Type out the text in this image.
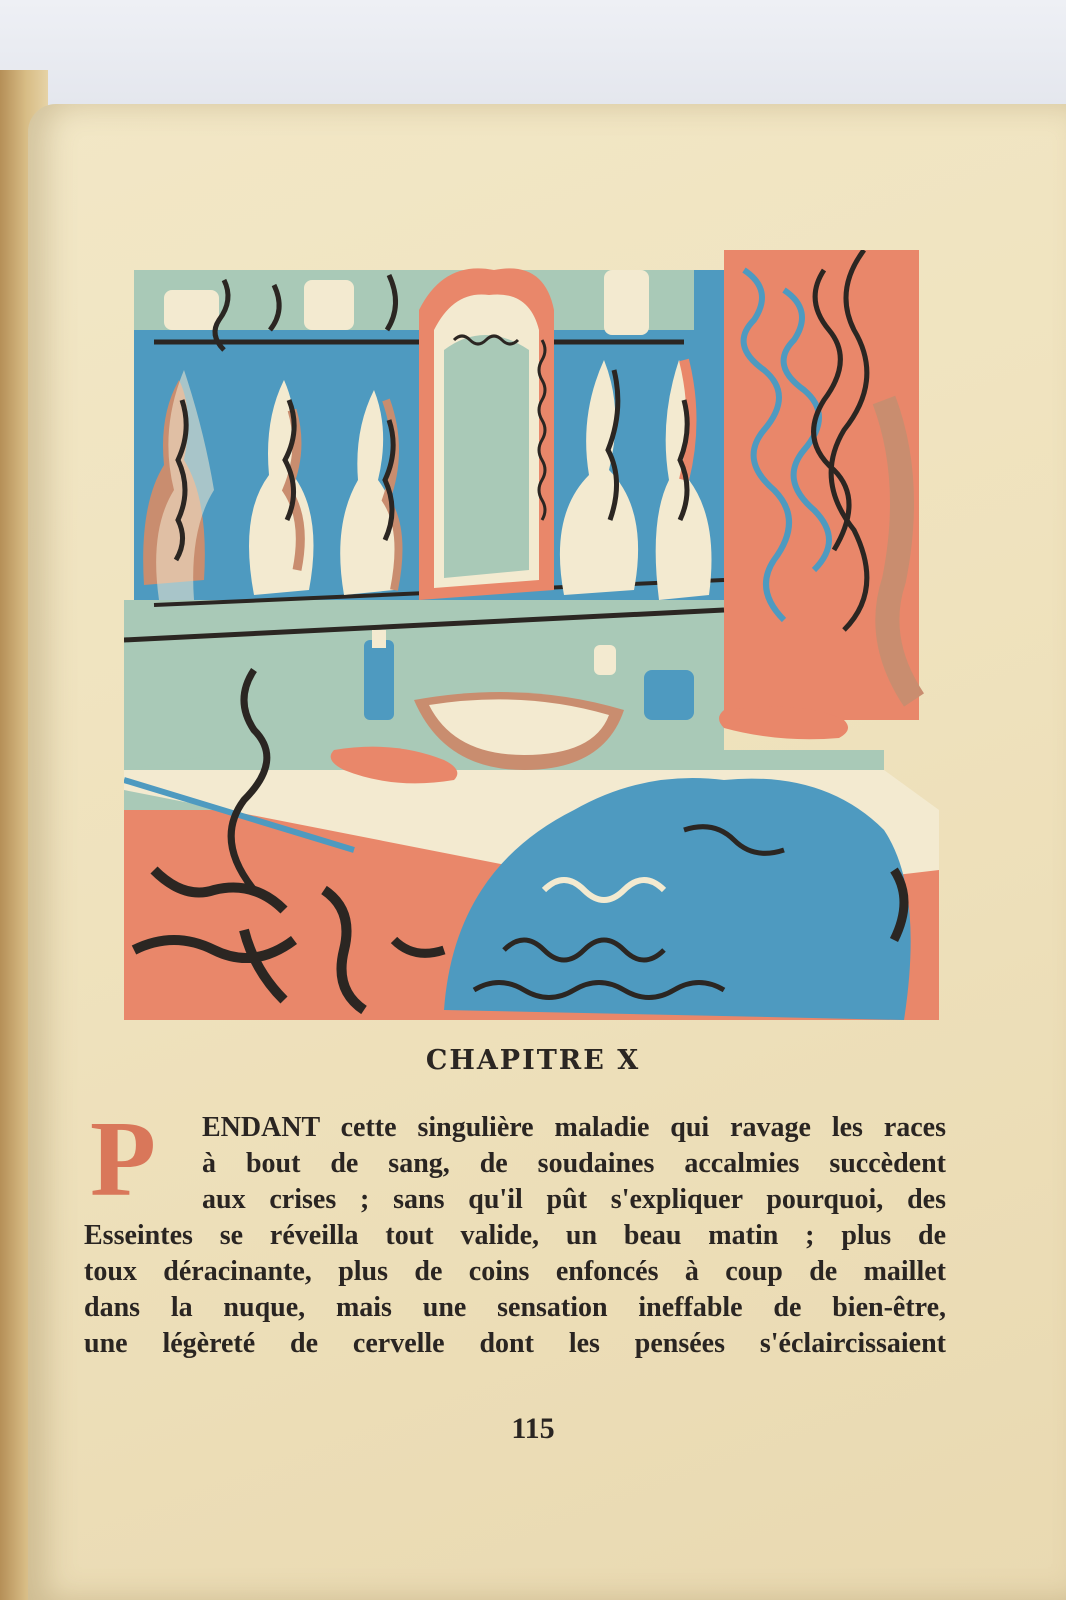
CHAPITRE X
P ENDANT cette singulière maladie qui ravage les races
à bout de sang, de soudaines accalmies succèdent
aux crises ; sans qu'il pût s'expliquer pourquoi, des
Esseintes se réveilla tout valide, un beau matin ; plus de
toux déracinante, plus de coins enfoncés à coup de maillet
dans la nuque, mais une sensation ineffable de bien-être,
une légèreté de cervelle dont les pensées s'éclaircissaient
115
